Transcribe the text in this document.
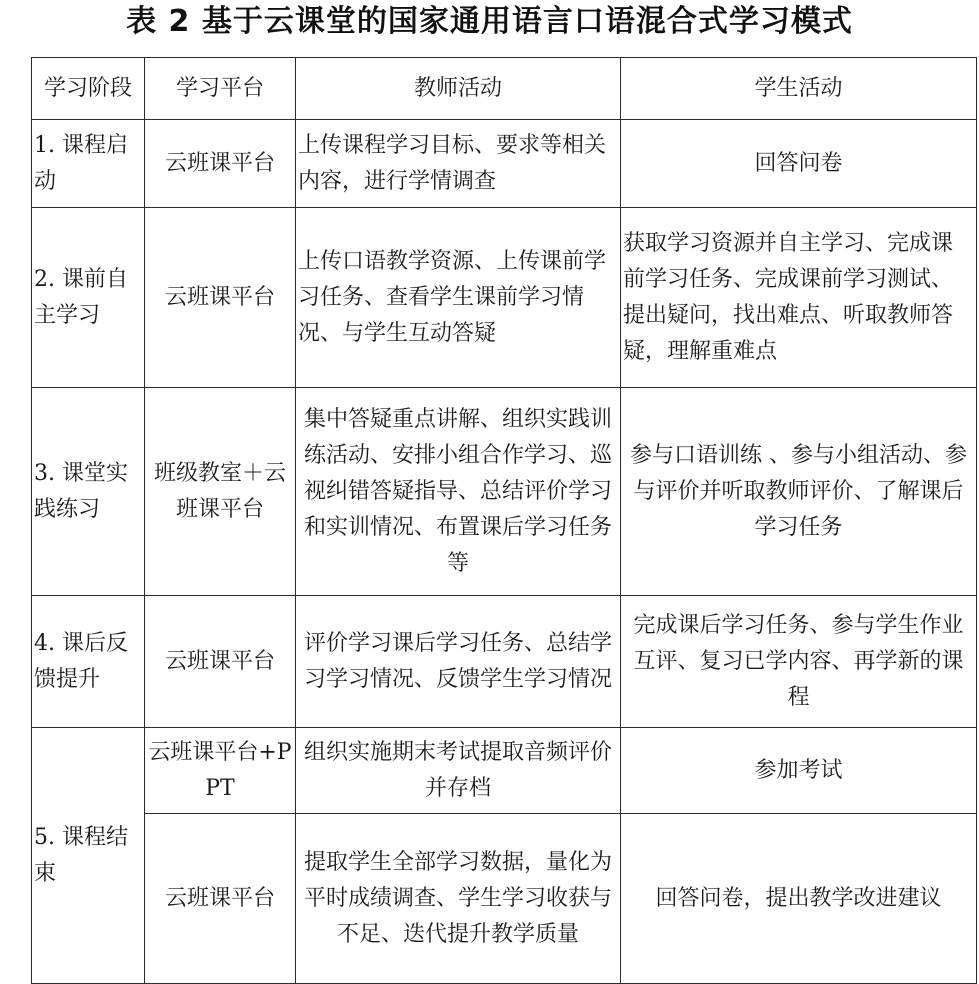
表 2 基于云课堂的国家通用语言口语混合式学习模式
学习阶段	学习平台	教师活动	学生活动
1. 课程启动	云班课平台	上传课程学习目标、要求等相关内容，进行学情调查	回答问卷
2. 课前自主学习	云班课平台	上传口语教学资源、上传课前学习任务、查看学生课前学习情况、与学生互动答疑	获取学习资源并自主学习、完成课前学习任务、完成课前学习测试、提出疑问，找出难点、听取教师答疑，理解重难点
3. 课堂实践练习	班级教室＋云班课平台	集中答疑重点讲解、组织实践训练活动、安排小组合作学习、巡视纠错答疑指导、总结评价学习和实训情况、布置课后学习任务等	参与口语训练 、参与小组活动、参与评价并听取教师评价、了解课后学习任务
4. 课后反馈提升	云班课平台	评价学习课后学习任务、总结学习学习情况、反馈学生学习情况	完成课后学习任务、参与学生作业互评、复习已学内容、再学新的课程
5. 课程结束	云班课平台+PPT	组织实施期末考试提取音频评价并存档	参加考试
	云班课平台	提取学生全部学习数据，量化为平时成绩调查、学生学习收获与不足、迭代提升教学质量	回答问卷，提出教学改进建议
